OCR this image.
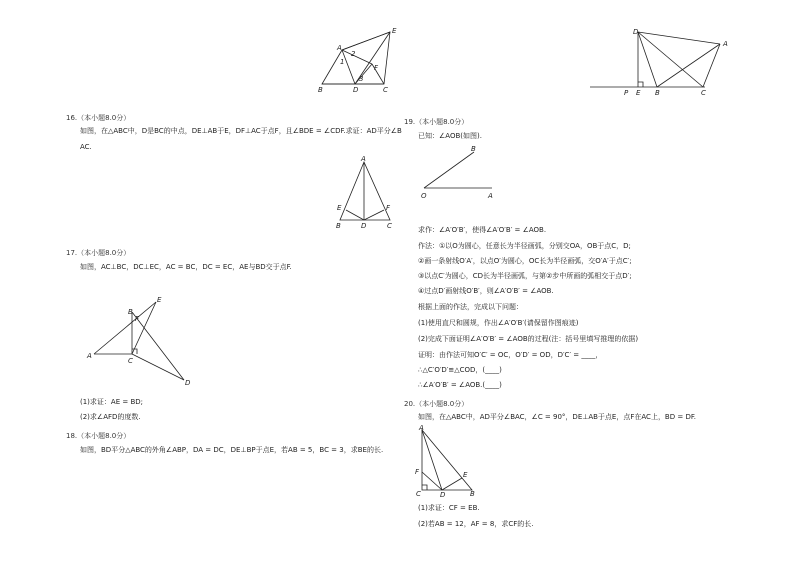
A
E
1
2
3
F
B	D	C
D
A
P E B	C
16.（本小题8.0分）
如图，在△ABC中，D是BC的中点，DE⊥AB于E，DF⊥AC于点F，且∠BDE = ∠CDF.求证：AD平分∠B
AC.
A
E	F
B	D	C
17.（本小题8.0分）
如图，AC⊥BC，DC⊥EC，AC = BC，DC = EC，AE与BD交于点F.
E
B
F
A
C
D
(1)求证：AE = BD;
(2)求∠AFD的度数.
18.（本小题8.0分）
如图，BD平分△ABC的外角∠ABP，DA = DC，DE⊥BP于点E，若AB = 5，BC = 3，求BE的长.
19.（本小题8.0分）
已知：∠AOB(如图).
B
O	A
求作：∠A′O′B′，使得∠A′O′B′ = ∠AOB.
作法：①以O为圆心，任意长为半径画弧，分别交OA，OB于点C，D;
②画一条射线O′A′，以点O′为圆心，OC长为半径画弧，交O′A′于点C′;
③以点C′为圆心，CD长为半径画弧，与第②步中所画的弧相交于点D′;
④过点D′画射线O′B′，则∠A′O′B′ = ∠AOB.
根据上面的作法，完成以下问题：
(1)使用直尺和圆规，作出∠A′O′B′(请保留作图痕迹)
(2)完成下面证明∠A′O′B′ = ∠AOB的过程(注：括号里填写推理的依据)
证明：由作法可知O′C′ = OC，O′D′ = OD，D′C′ = ____，
∴△C′O′D′≌△COD，(____)
∴∠A′O′B′ = ∠AOB.(____)
20.（本小题8.0分）
如图，在△ABC中，AD平分∠BAC，∠C = 90°，DE⊥AB于点E，点F在AC上，BD = DF.
A
F	E
C	D	B
(1)求证：CF = EB.
(2)若AB = 12，AF = 8，求CF的长.
